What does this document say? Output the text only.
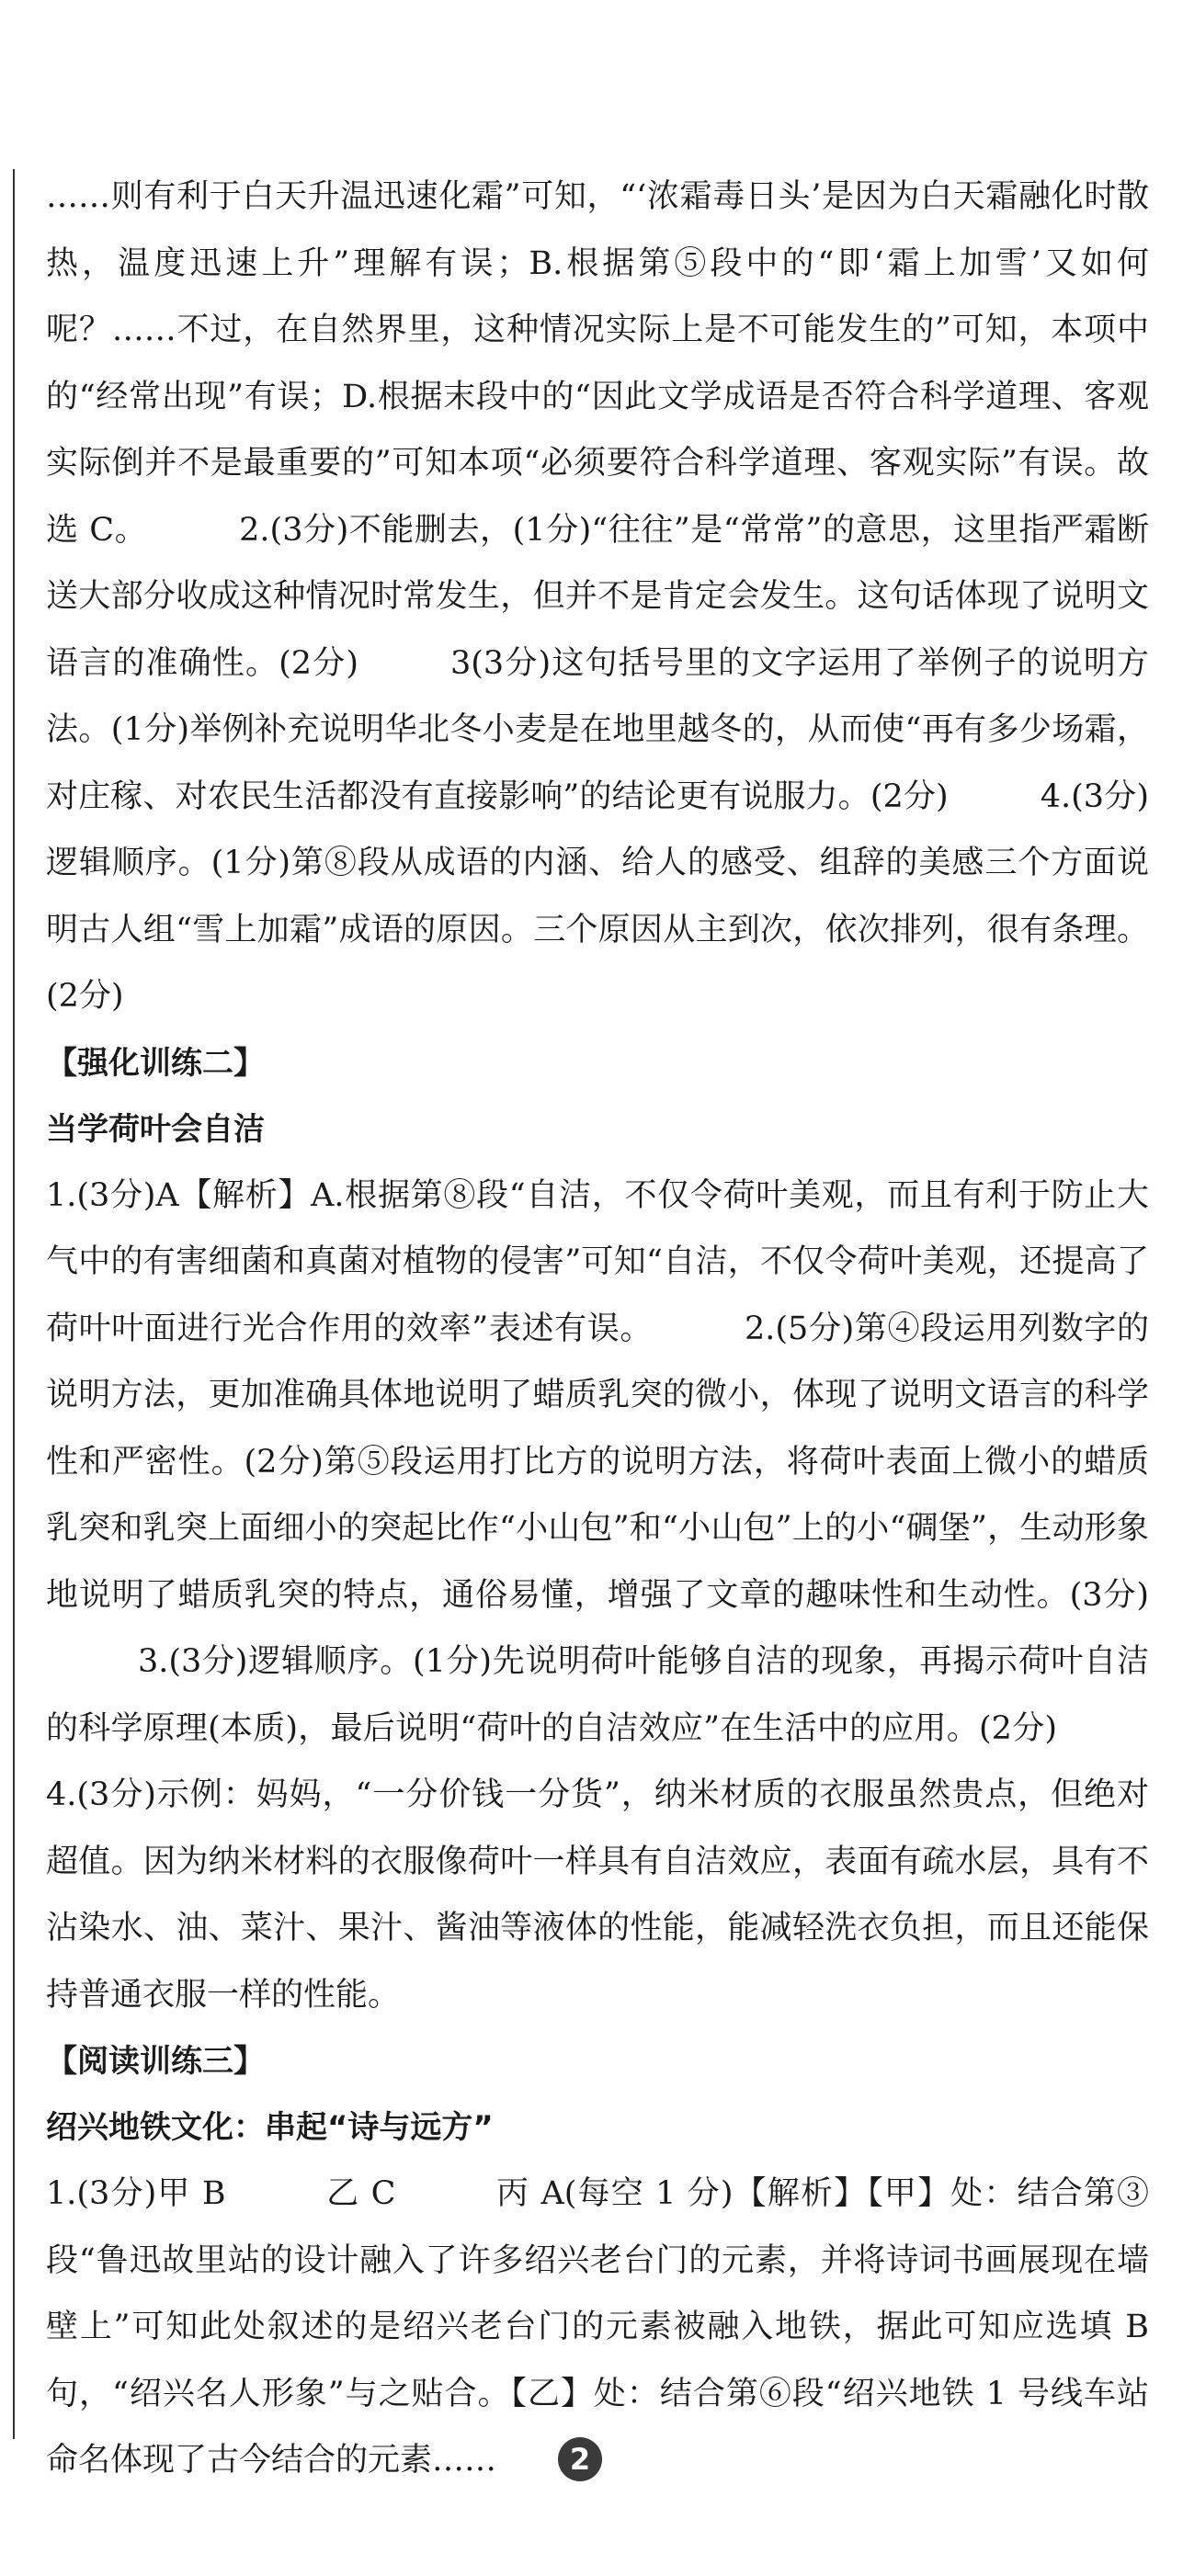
……则有利于白天升温迅速化霜”可知，“‘浓霜毒日头’是因为白天霜融化时散热，温度迅速上升”理解有误；B.根据第⑤段中的“即‘霜上加雪’又如何呢？……不过，在自然界里，这种情况实际上是不可能发生的”可知，本项中的“经常出现”有误；D.根据末段中的“因此文学成语是否符合科学道理、客观实际倒并不是最重要的”可知本项“必须要符合科学道理、客观实际”有误。故选 C。	2.(3分)不能删去，(1分)“往往”是“常常”的意思，这里指严霜断送大部分收成这种情况时常发生，但并不是肯定会发生。这句话体现了说明文语言的准确性。(2分)	3(3分)这句括号里的文字运用了举例子的说明方法。(1分)举例补充说明华北冬小麦是在地里越冬的，从而使“再有多少场霜，对庄稼、对农民生活都没有直接影响”的结论更有说服力。(2分)	4.(3分)逻辑顺序。(1分)第⑧段从成语的内涵、给人的感受、组辞的美感三个方面说明古人组“雪上加霜”成语的原因。三个原因从主到次，依次排列，很有条理。(2分)

【强化训练二】

当学荷叶会自洁

1.(3分)A【解析】A.根据第⑧段“自洁，不仅令荷叶美观，而且有利于防止大气中的有害细菌和真菌对植物的侵害”可知“自洁，不仅令荷叶美观，还提高了荷叶叶面进行光合作用的效率”表述有误。	2.(5分)第④段运用列数字的说明方法，更加准确具体地说明了蜡质乳突的微小，体现了说明文语言的科学性和严密性。(2分)第⑤段运用打比方的说明方法，将荷叶表面上微小的蜡质乳突和乳突上面细小的突起比作“小山包”和“小山包”上的小“碉堡”，生动形象地说明了蜡质乳突的特点，通俗易懂，增强了文章的趣味性和生动性。(3分)3.(3分)逻辑顺序。(1分)先说明荷叶能够自洁的现象，再揭示荷叶自洁的科学原理(本质)，最后说明“荷叶的自洁效应”在生活中的应用。(2分)4.(3分)示例：妈妈，“一分价钱一分货”，纳米材质的衣服虽然贵点，但绝对超值。因为纳米材料的衣服像荷叶一样具有自洁效应，表面有疏水层，具有不沾染水、油、菜汁、果汁、酱油等液体的性能，能减轻洗衣负担，而且还能保持普通衣服一样的性能。

【阅读训练三】

绍兴地铁文化：串起“诗与远方”

1.(3分)甲 B　　　乙 C　　　丙 A(每空 1 分)【解析】【甲】处：结合第③段“鲁迅故里站的设计融入了许多绍兴老台门的元素，并将诗词书画展现在墙壁上”可知此处叙述的是绍兴老台门的元素被融入地铁，据此可知应选填 B 句，“绍兴名人形象”与之贴合。【乙】处：结合第⑥段“绍兴地铁 1 号线车站命名体现了古今结合的元素……	2
